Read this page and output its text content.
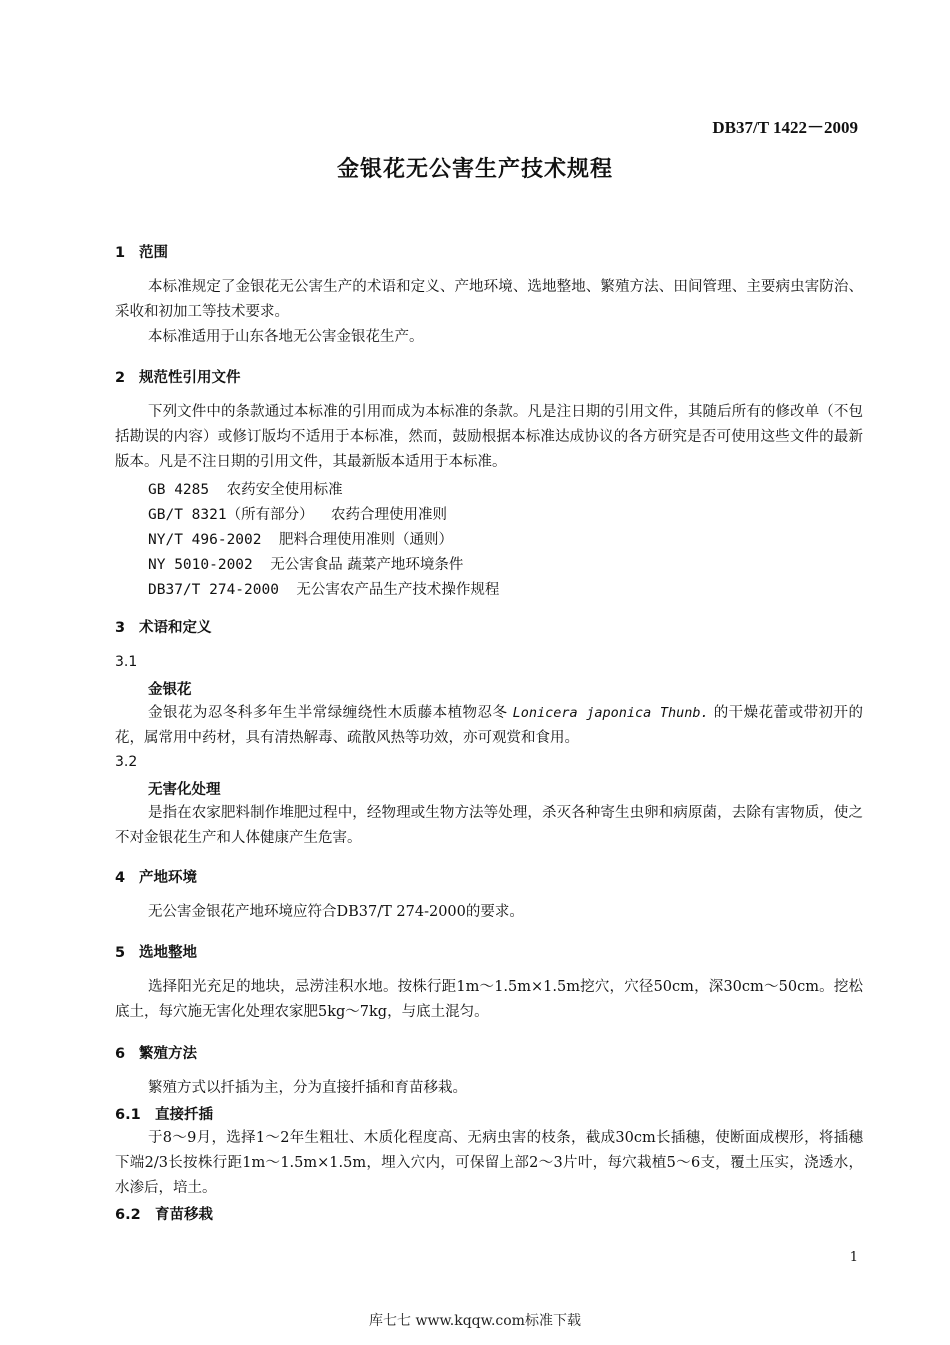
DB37/T 1422－2009
金银花无公害生产技术规程
1 范围
本标准规定了金银花无公害生产的术语和定义、产地环境、选地整地、繁殖方法、田间管理、主要病虫害防治、采收和初加工等技术要求。
本标准适用于山东各地无公害金银花生产。
2 规范性引用文件
下列文件中的条款通过本标准的引用而成为本标准的条款。凡是注日期的引用文件，其随后所有的修改单（不包括勘误的内容）或修订版均不适用于本标准，然而，鼓励根据本标准达成协议的各方研究是否可使用这些文件的最新版本。凡是不注日期的引用文件，其最新版本适用于本标准。
GB 4285 农药安全使用标准
GB/T 8321（所有部分） 农药合理使用准则
NY/T 496-2002 肥料合理使用准则（通则）
NY 5010-2002 无公害食品 蔬菜产地环境条件
DB37/T 274-2000 无公害农产品生产技术操作规程
3 术语和定义
3.1
金银花
金银花为忍冬科多年生半常绿缠绕性木质藤本植物忍冬 Lonicera japonica Thunb. 的干燥花蕾或带初开的花，属常用中药材，具有清热解毒、疏散风热等功效，亦可观赏和食用。
3.2
无害化处理
是指在农家肥料制作堆肥过程中，经物理或生物方法等处理，杀灭各种寄生虫卵和病原菌，去除有害物质，使之不对金银花生产和人体健康产生危害。
4 产地环境
无公害金银花产地环境应符合DB37/T 274-2000的要求。
5 选地整地
选择阳光充足的地块，忌涝洼积水地。按株行距1m～1.5m×1.5m挖穴，穴径50cm，深30cm～50cm。挖松底土，每穴施无害化处理农家肥5kg～7kg，与底土混匀。
6 繁殖方法
繁殖方式以扦插为主，分为直接扦插和育苗移栽。
6.1 直接扦插
于8～9月，选择1～2年生粗壮、木质化程度高、无病虫害的枝条，截成30cm长插穗，使断面成楔形，将插穗下端2/3长按株行距1m～1.5m×1.5m，埋入穴内，可保留上部2～3片叶，每穴栽植5～6支，覆土压实，浇透水，水渗后，培土。
6.2 育苗移栽
1
库七七 www.kqqw.com标准下载
